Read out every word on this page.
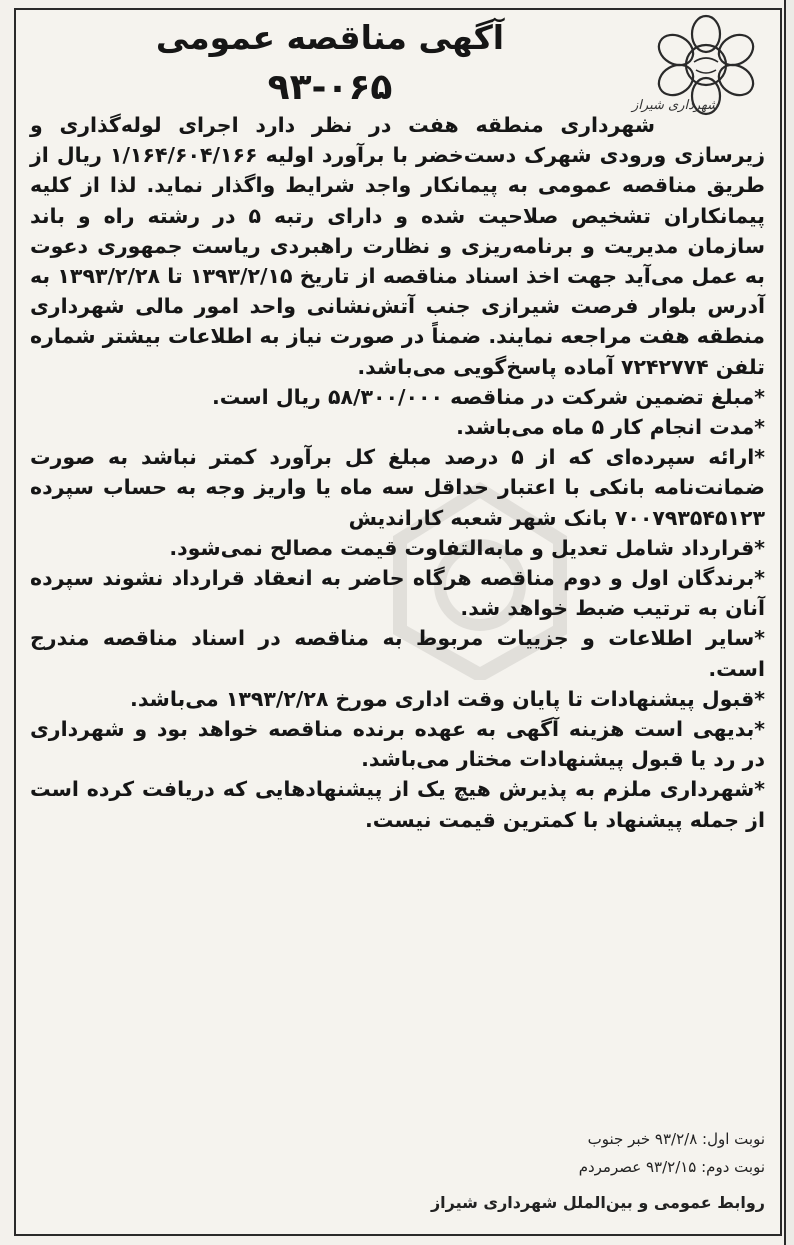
شهرداری شیراز
آگهی مناقصه عمومی
۹۳-۰۶۵

شهرداری منطقه هفت در نظر دارد اجرای لوله‌گذاری و زیرسازی ورودی شهرک دست‌خضر با برآورد اولیه ۱/۱۶۴/۶۰۴/۱۶۶ ریال از طریق مناقصه عمومی به پیمانکار واجد شرایط واگذار نماید. لذا از کلیه پیمانکاران تشخیص صلاحیت شده و دارای رتبه ۵ در رشته راه و باند سازمان مدیریت و برنامه‌ریزی و نظارت راهبردی ریاست جمهوری دعوت به عمل می‌آید جهت اخذ اسناد مناقصه از تاریخ ۱۳۹۳/۲/۱۵ تا ۱۳۹۳/۲/۲۸ به آدرس بلوار فرصت شیرازی جنب آتش‌نشانی واحد امور مالی شهرداری منطقه هفت مراجعه نمایند. ضمناً در صورت نیاز به اطلاعات بیشتر شماره تلفن ۷۲۴۲۷۷۴ آماده پاسخ‌گویی می‌باشد.

*مبلغ تضمین شرکت در مناقصه ۵۸/۳۰۰/۰۰۰ ریال است.

*مدت انجام کار ۵ ماه می‌باشد.

*ارائه سپرده‌ای که از ۵ درصد مبلغ کل برآورد کمتر نباشد به صورت ضمانت‌نامه بانکی با اعتبار حداقل سه ماه یا واریز وجه به حساب سپرده ۷۰۰۷۹۳۵۴۵۱۲۳ بانک شهر شعبه کاراندیش

*قرارداد شامل تعدیل و مابه‌التفاوت قیمت مصالح نمی‌شود.

*برندگان اول و دوم مناقصه هرگاه حاضر به انعقاد قرارداد نشوند سپرده آنان به ترتیب ضبط خواهد شد.

*سایر اطلاعات و جزییات مربوط به مناقصه در اسناد مناقصه مندرج است.

*قبول پیشنهادات تا پایان وقت اداری مورخ ۱۳۹۳/۲/۲۸ می‌باشد.

*بدیهی است هزینه آگهی به عهده برنده مناقصه خواهد بود و شهرداری در رد یا قبول پیشنهادات مختار می‌باشد.

*شهرداری ملزم به پذیرش هیچ یک از پیشنهادهایی که دریافت کرده است از جمله پیشنهاد با کمترین قیمت نیست.

نوبت اول: ۹۳/۲/۸ خبر جنوب

نوبت دوم: ۹۳/۲/۱۵ عصرمردم

روابط عمومی و بین‌الملل شهرداری شیراز
